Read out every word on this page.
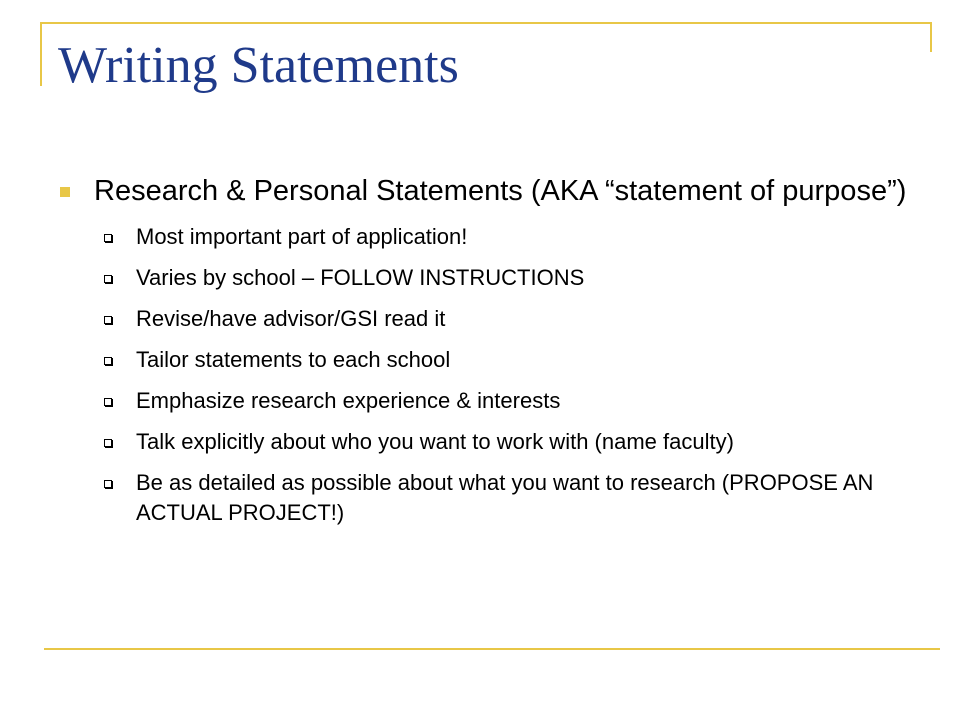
Writing Statements
Research & Personal Statements (AKA “statement of purpose”)
Most important part of application!
Varies by school – FOLLOW INSTRUCTIONS
Revise/have advisor/GSI read it
Tailor statements to each school
Emphasize research experience & interests
Talk explicitly about who you want to work with (name faculty)
Be as detailed as possible about what you want to research (PROPOSE AN ACTUAL PROJECT!)
